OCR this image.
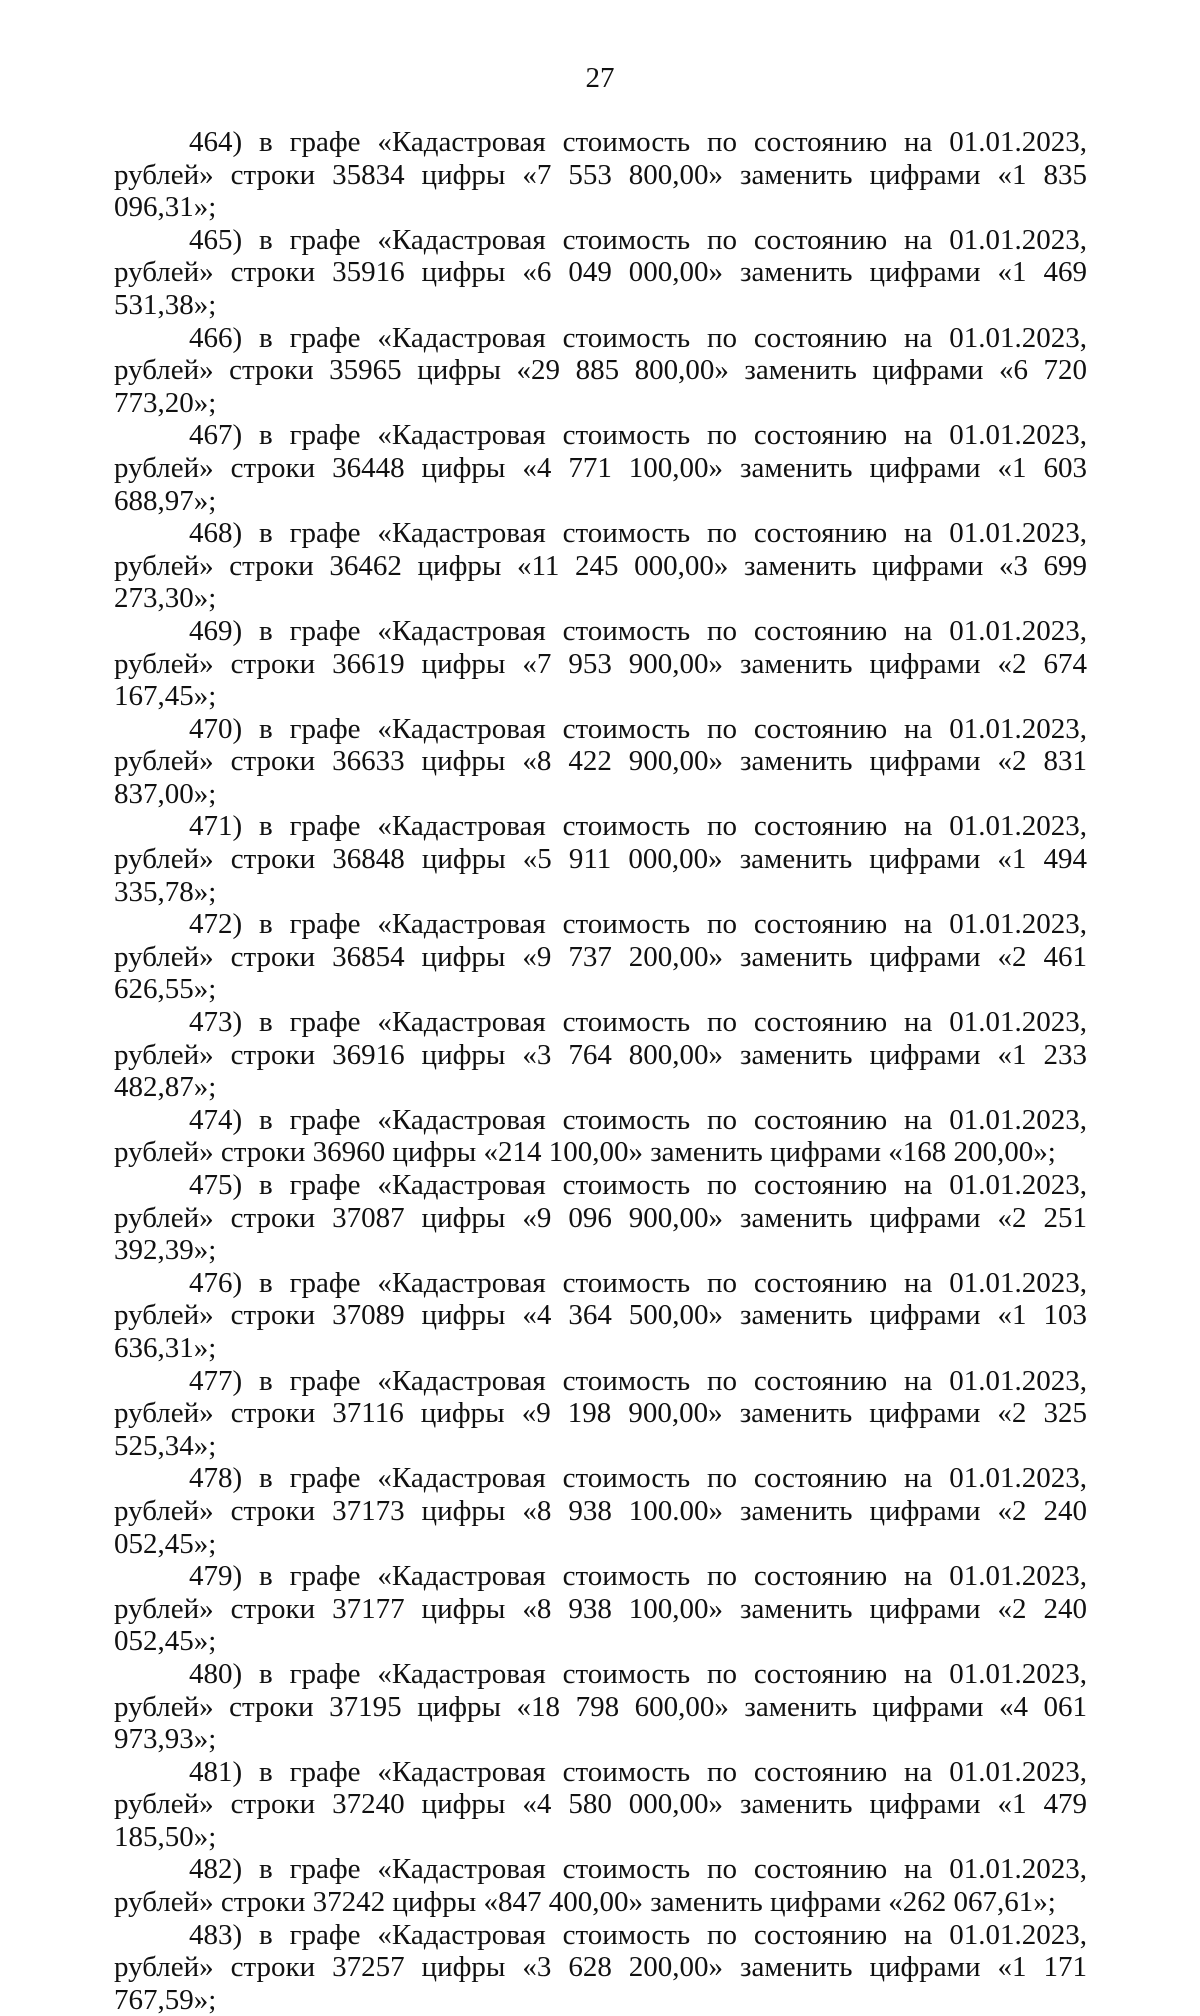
27

464) в графе «Кадастровая стоимость по состоянию на 01.01.2023, рублей» строки 35834 цифры «7 553 800,00» заменить цифрами «1 835 096,31»;

465) в графе «Кадастровая стоимость по состоянию на 01.01.2023, рублей» строки 35916 цифры «6 049 000,00» заменить цифрами «1 469 531,38»;

466) в графе «Кадастровая стоимость по состоянию на 01.01.2023, рублей» строки 35965 цифры «29 885 800,00» заменить цифрами «6 720 773,20»;

467) в графе «Кадастровая стоимость по состоянию на 01.01.2023, рублей» строки 36448 цифры «4 771 100,00» заменить цифрами «1 603 688,97»;

468) в графе «Кадастровая стоимость по состоянию на 01.01.2023, рублей» строки 36462 цифры «11 245 000,00» заменить цифрами «3 699 273,30»;

469) в графе «Кадастровая стоимость по состоянию на 01.01.2023, рублей» строки 36619 цифры «7 953 900,00» заменить цифрами «2 674 167,45»;

470) в графе «Кадастровая стоимость по состоянию на 01.01.2023, рублей» строки 36633 цифры «8 422 900,00» заменить цифрами «2 831 837,00»;

471) в графе «Кадастровая стоимость по состоянию на 01.01.2023, рублей» строки 36848 цифры «5 911 000,00» заменить цифрами «1 494 335,78»;

472) в графе «Кадастровая стоимость по состоянию на 01.01.2023, рублей» строки 36854 цифры «9 737 200,00» заменить цифрами «2 461 626,55»;

473) в графе «Кадастровая стоимость по состоянию на 01.01.2023, рублей» строки 36916 цифры «3 764 800,00» заменить цифрами «1 233 482,87»;

474) в графе «Кадастровая стоимость по состоянию на 01.01.2023, рублей» строки 36960 цифры «214 100,00» заменить цифрами «168 200,00»;

475) в графе «Кадастровая стоимость по состоянию на 01.01.2023, рублей» строки 37087 цифры «9 096 900,00» заменить цифрами «2 251 392,39»;

476) в графе «Кадастровая стоимость по состоянию на 01.01.2023, рублей» строки 37089 цифры «4 364 500,00» заменить цифрами «1 103 636,31»;

477) в графе «Кадастровая стоимость по состоянию на 01.01.2023, рублей» строки 37116 цифры «9 198 900,00» заменить цифрами «2 325 525,34»;

478) в графе «Кадастровая стоимость по состоянию на 01.01.2023, рублей» строки 37173 цифры «8 938 100.00» заменить цифрами «2 240 052,45»;

479) в графе «Кадастровая стоимость по состоянию на 01.01.2023, рублей» строки 37177 цифры «8 938 100,00» заменить цифрами «2 240 052,45»;

480) в графе «Кадастровая стоимость по состоянию на 01.01.2023, рублей» строки 37195 цифры «18 798 600,00» заменить цифрами «4 061 973,93»;

481) в графе «Кадастровая стоимость по состоянию на 01.01.2023, рублей» строки 37240 цифры «4 580 000,00» заменить цифрами «1 479 185,50»;

482) в графе «Кадастровая стоимость по состоянию на 01.01.2023, рублей» строки 37242 цифры «847 400,00» заменить цифрами «262 067,61»;

483) в графе «Кадастровая стоимость по состоянию на 01.01.2023, рублей» строки 37257 цифры «3 628 200,00» заменить цифрами «1 171 767,59»;
